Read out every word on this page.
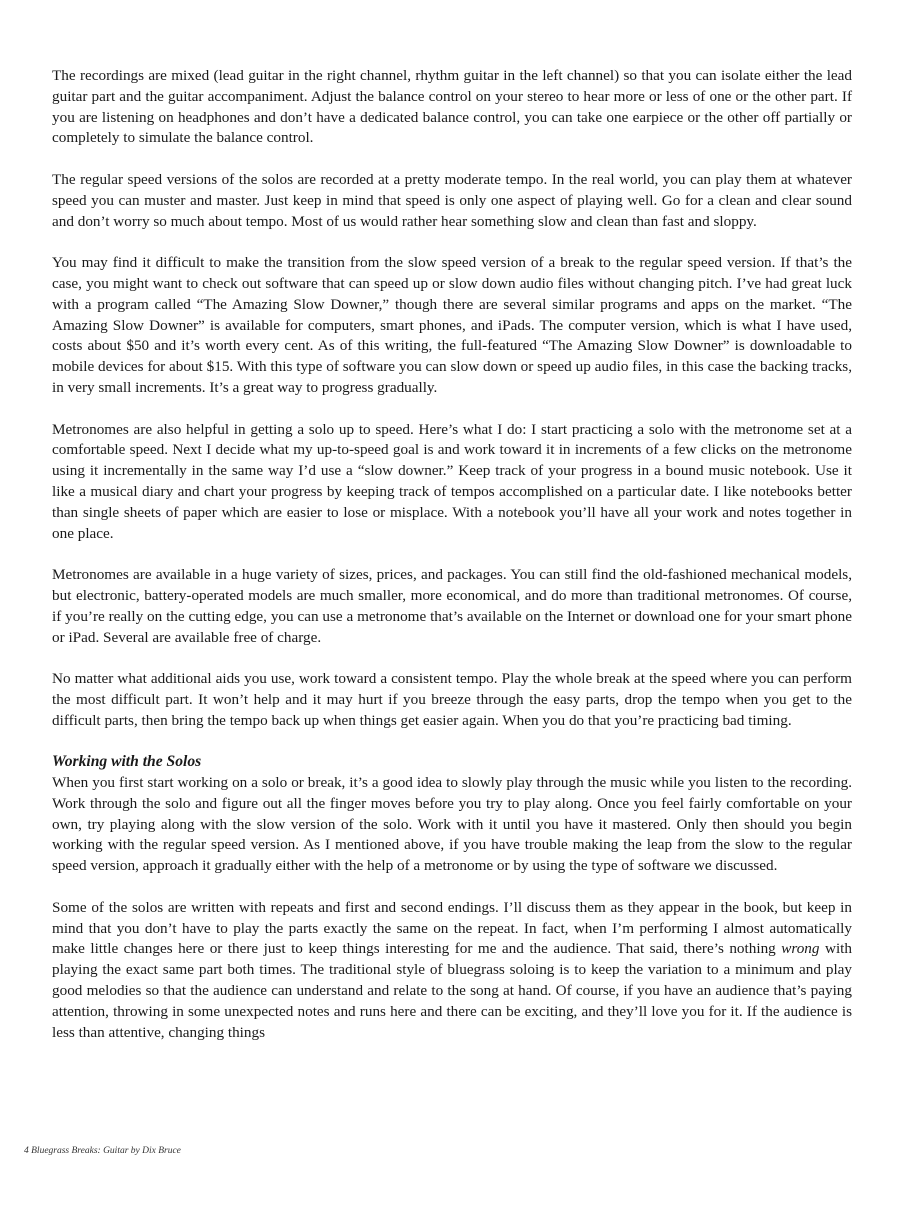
The recordings are mixed (lead guitar in the right channel, rhythm guitar in the left channel) so that you can isolate either the lead guitar part and the guitar accompaniment. Adjust the balance control on your stereo to hear more or less of one or the other part. If you are listening on headphones and don’t have a dedicated balance control, you can take one earpiece or the other off partially or completely to simulate the balance control.

The regular speed versions of the solos are recorded at a pretty moderate tempo. In the real world, you can play them at whatever speed you can muster and master. Just keep in mind that speed is only one aspect of playing well. Go for a clean and clear sound and don’t worry so much about tempo. Most of us would rather hear something slow and clean than fast and sloppy.

You may find it difficult to make the transition from the slow speed version of a break to the regular speed version. If that’s the case, you might want to check out software that can speed up or slow down audio files without changing pitch. I’ve had great luck with a program called “The Amazing Slow Downer,” though there are several similar programs and apps on the market. “The Amazing Slow Downer” is available for computers, smart phones, and iPads. The computer version, which is what I have used, costs about $50 and it’s worth every cent. As of this writing, the full-featured “The Amazing Slow Downer” is downloadable to mobile devices for about $15. With this type of software you can slow down or speed up audio files, in this case the backing tracks, in very small increments. It’s a great way to progress gradually.

Metronomes are also helpful in getting a solo up to speed. Here’s what I do: I start practicing a solo with the metronome set at a comfortable speed. Next I decide what my up-to-speed goal is and work toward it in increments of a few clicks on the metronome using it incrementally in the same way I’d use a “slow downer.” Keep track of your progress in a bound music notebook. Use it like a musical diary and chart your progress by keeping track of tempos accomplished on a particular date. I like notebooks better than single sheets of paper which are easier to lose or misplace. With a notebook you’ll have all your work and notes together in one place.

Metronomes are available in a huge variety of sizes, prices, and packages. You can still find the old-fashioned mechanical models, but electronic, battery-operated models are much smaller, more economical, and do more than traditional metronomes. Of course, if you’re really on the cutting edge, you can use a metronome that’s available on the Internet or download one for your smart phone or iPad. Several are available free of charge.

No matter what additional aids you use, work toward a consistent tempo. Play the whole break at the speed where you can perform the most difficult part. It won’t help and it may hurt if you breeze through the easy parts, drop the tempo when you get to the difficult parts, then bring the tempo back up when things get easier again. When you do that you’re practicing bad timing.

Working with the Solos

When you first start working on a solo or break, it’s a good idea to slowly play through the music while you listen to the recording. Work through the solo and figure out all the finger moves before you try to play along. Once you feel fairly comfortable on your own, try playing along with the slow version of the solo. Work with it until you have it mastered. Only then should you begin working with the regular speed version. As I mentioned above, if you have trouble making the leap from the slow to the regular speed version, approach it gradually either with the help of a metronome or by using the type of software we discussed.

Some of the solos are written with repeats and first and second endings. I’ll discuss them as they appear in the book, but keep in mind that you don’t have to play the parts exactly the same on the repeat. In fact, when I’m performing I almost automatically make little changes here or there just to keep things interesting for me and the audience. That said, there’s nothing wrong with playing the exact same part both times. The traditional style of bluegrass soloing is to keep the variation to a minimum and play good melodies so that the audience can understand and relate to the song at hand. Of course, if you have an audience that’s paying attention, throwing in some unexpected notes and runs here and there can be exciting, and they’ll love you for it. If the audience is less than attentive, changing things

4 Bluegrass Breaks: Guitar by Dix Bruce
